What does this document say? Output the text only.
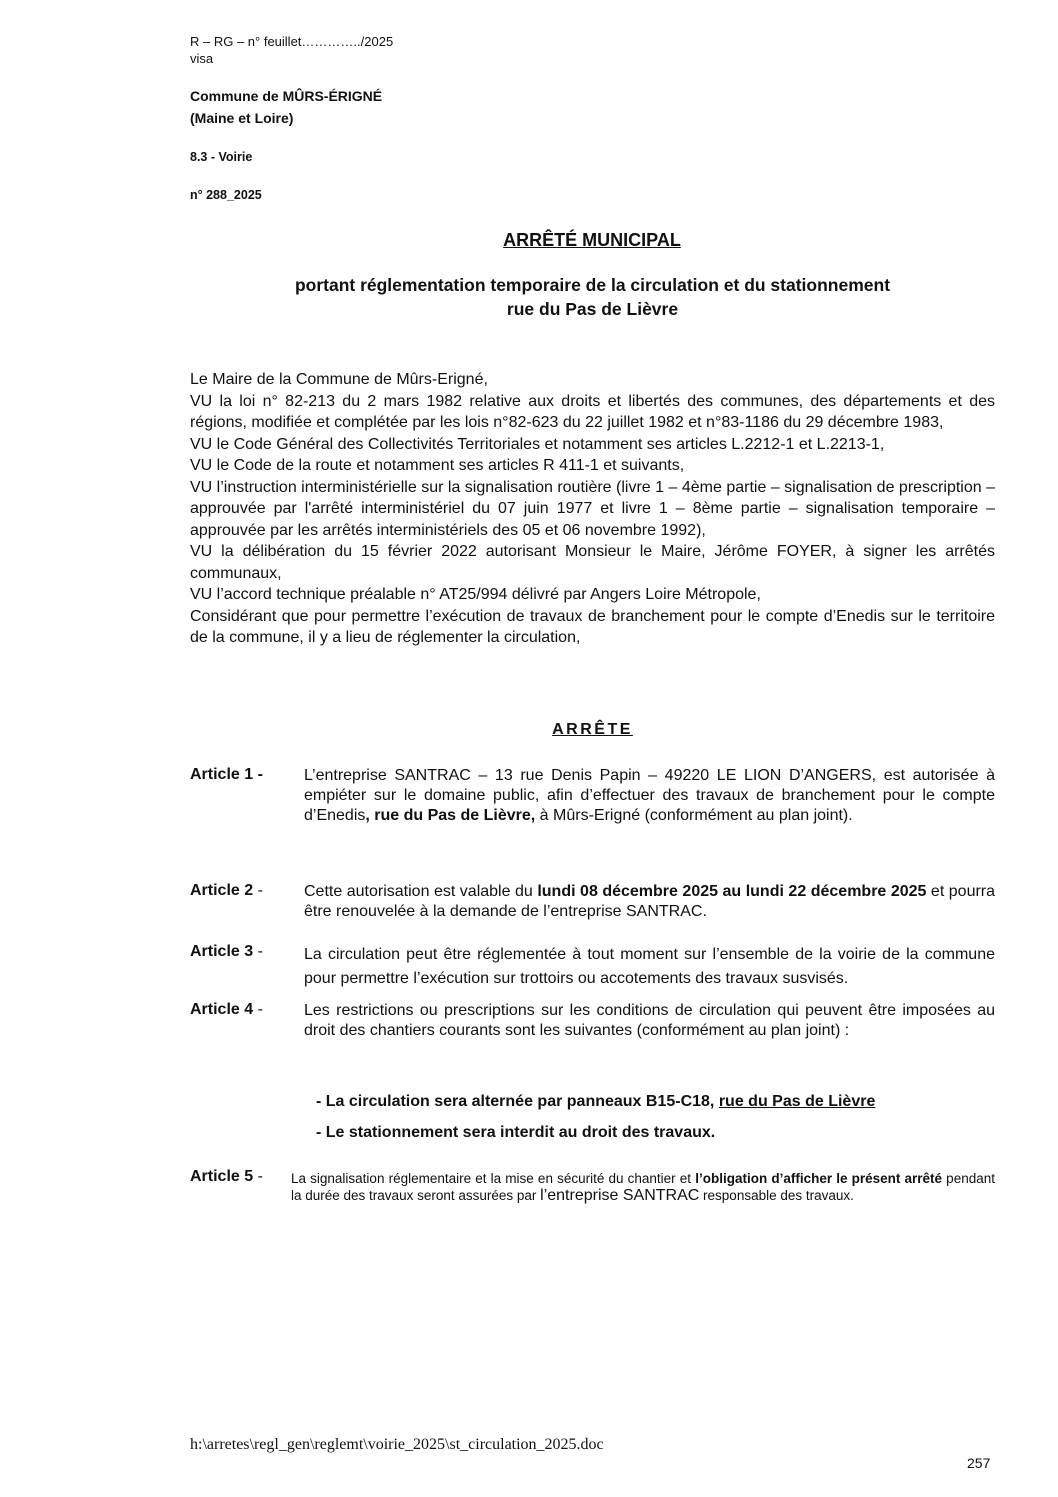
R – RG – n° feuillet…………../2025
visa
Commune de MÛRS-ÉRIGNÉ
(Maine et Loire)
8.3 - Voirie
n° 288_2025
ARRÊTÉ MUNICIPAL
portant réglementation temporaire de la circulation et du stationnement
rue du Pas de Lièvre

Le Maire de la Commune de Mûrs-Erigné,

VU la loi n° 82-213 du 2 mars 1982 relative aux droits et libertés des communes, des départements et des régions, modifiée et complétée par les lois n°82-623 du 22 juillet 1982 et n°83-1186 du 29 décembre 1983,

VU le Code Général des Collectivités Territoriales et notamment ses articles L.2212-1 et L.2213-1,

VU le Code de la route et notamment ses articles R 411-1 et suivants,

VU l’instruction interministérielle sur la signalisation routière (livre 1 – 4ème partie – signalisation de prescription – approuvée par l'arrêté interministériel du 07 juin 1977 et livre 1 – 8ème partie – signalisation temporaire – approuvée par les arrêtés interministériels des 05 et 06 novembre 1992),

VU la délibération du 15 février 2022 autorisant Monsieur le Maire, Jérôme FOYER, à signer les arrêtés communaux,

VU l’accord technique préalable n° AT25/994 délivré par Angers Loire Métropole,

Considérant que pour permettre l’exécution de travaux de branchement pour le compte d’Enedis sur le territoire de la commune, il y a lieu de réglementer la circulation,

ARRÊTE
Article 1 -	L’entreprise SANTRAC – 13 rue Denis Papin – 49220 LE LION D’ANGERS, est autorisée à empiéter sur le domaine public, afin d’effectuer des travaux de branchement pour le compte d’Enedis, rue du Pas de Lièvre, à Mûrs-Erigné (conformément au plan joint).
Article 2 -	Cette autorisation est valable du lundi 08 décembre 2025 au lundi 22 décembre 2025 et pourra être renouvelée à la demande de l’entreprise SANTRAC.
Article 3 -	La circulation peut être réglementée à tout moment sur l’ensemble de la voirie de la commune pour permettre l’exécution sur trottoirs ou accotements des travaux susvisés.
Article 4 -	Les restrictions ou prescriptions sur les conditions de circulation qui peuvent être imposées au droit des chantiers courants sont les suivantes (conformément au plan joint) :
- La circulation sera alternée par panneaux B15-C18, rue du Pas de Lièvre
- Le stationnement sera interdit au droit des travaux.
Article 5 - La signalisation réglementaire et la mise en sécurité du chantier et l’obligation d’afficher le présent arrêté pendant la durée des travaux seront assurées par l’entreprise SANTRAC responsable des travaux.
h:\arretes\regl_gen\reglemt\voirie_2025\st_circulation_2025.doc
257
